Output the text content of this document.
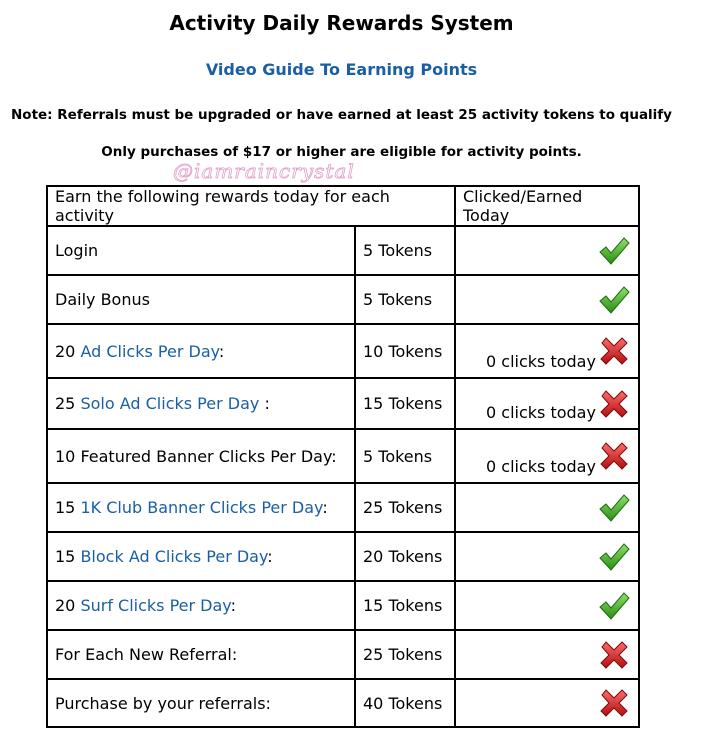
Activity Daily Rewards System
Video Guide To Earning Points
Note: Referrals must be upgraded or have earned at least 25 activity tokens to qualify
Only purchases of $17 or higher are eligible for activity points.
@iamraincrystal
Earn the following rewards today for each activity		Clicked/Earned Today
Login	5 Tokens	

Daily Bonus	5 Tokens	

20 Ad Clicks Per Day:	10 Tokens	0 clicks today

25 Solo Ad Clicks Per Day :	15 Tokens	0 clicks today

10 Featured Banner Clicks Per Day:	5 Tokens	0 clicks today

15 1K Club Banner Clicks Per Day:	25 Tokens	

15 Block Ad Clicks Per Day:	20 Tokens	

20 Surf Clicks Per Day:	15 Tokens	

For Each New Referral:	25 Tokens	

Purchase by your referrals:	40 Tokens	
